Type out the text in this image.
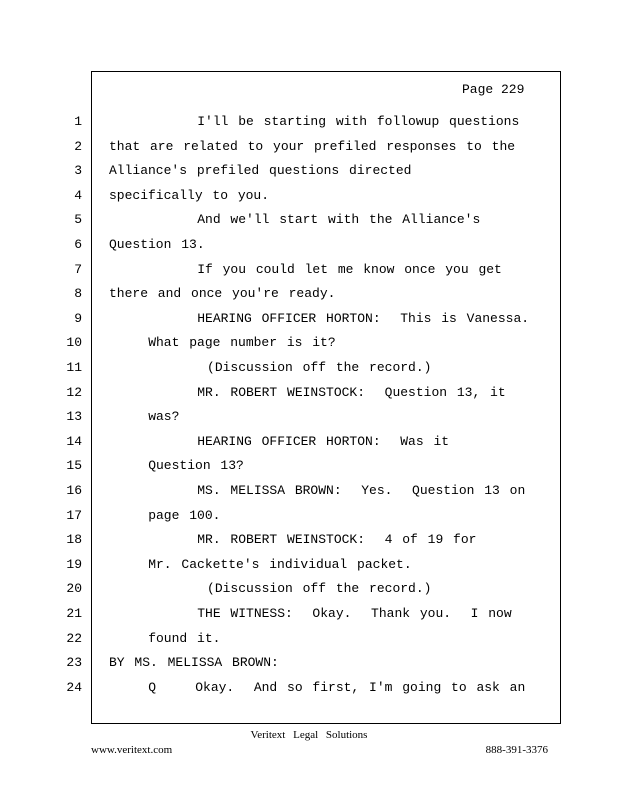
Page 229
1 I'll be starting with followup questions
2 that are related to your prefiled responses to the
3 Alliance's prefiled questions directed
4 specifically to you.
5 And we'll start with the Alliance's
6 Question 13.
7 If you could let me know once you get
8 there and once you're ready.
9 HEARING OFFICER HORTON:  This is Vanessa.
10 What page number is it?
11 (Discussion off the record.)
12 MR. ROBERT WEINSTOCK:  Question 13, it
13 was?
14 HEARING OFFICER HORTON:  Was it
15 Question 13?
16 MS. MELISSA BROWN:  Yes.  Question 13 on
17 page 100.
18 MR. ROBERT WEINSTOCK:  4 of 19 for
19 Mr. Cackette's individual packet.
20 (Discussion off the record.)
21 THE WITNESS:  Okay.  Thank you.  I now
22 found it.
23 BY MS. MELISSA BROWN:
24 Q    Okay.  And so first, I'm going to ask an
Veritext Legal Solutions
www.veritext.com	888-391-3376
